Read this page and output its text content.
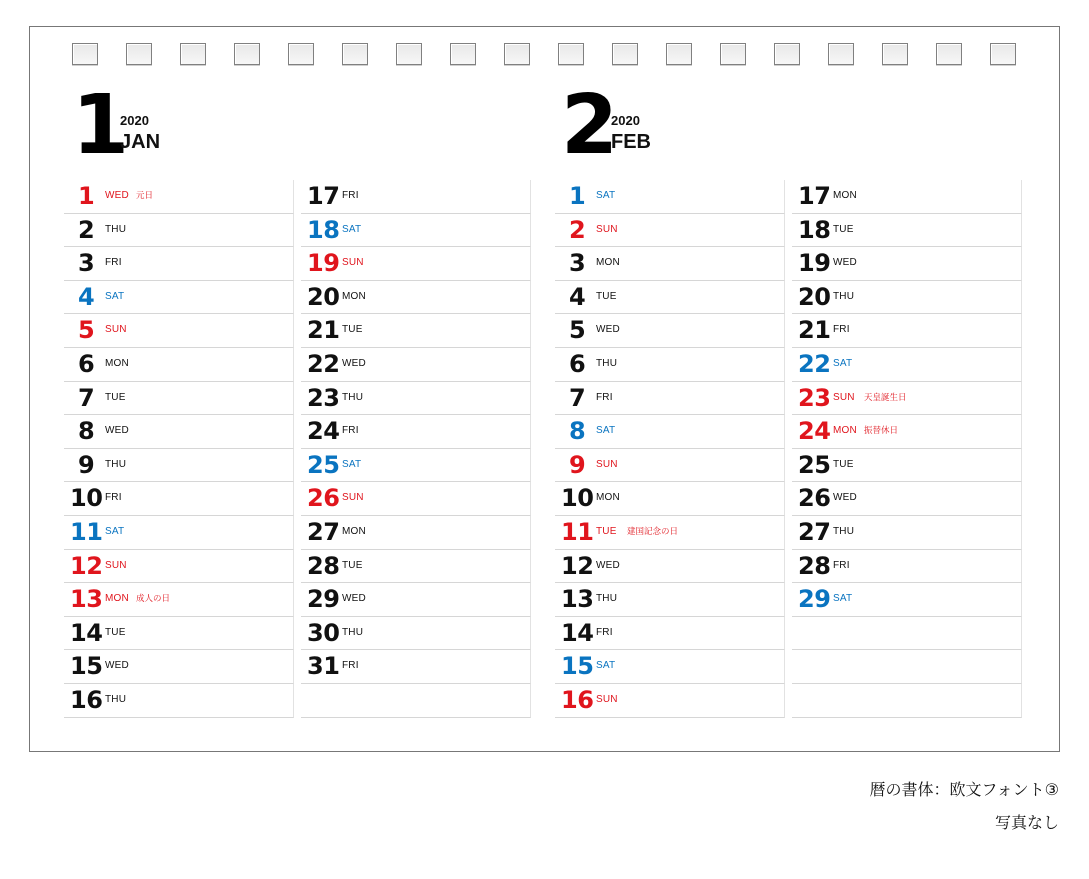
1
2020
JAN	2
2020
FEB
1	WED 元日
2	THU
3	FRI
4	SAT
5	SUN
6	MON
7	TUE
8	WED
9	THU
10 FRI
11 SAT
12 SUN
13 MON 成人の日
14 TUE
15 WED
16 THU
17 FRI
18 SAT
19 SUN
20 MON
21 TUE
22 WED
23 THU
24 FRI
25 SAT
26 SUN
27 MON
28 TUE
29 WED
30 THU
31 FRI
1	SAT
2	SUN
3	MON
4	TUE
5	WED
6	THU
7	FRI
8	SAT
9	SUN
10 MON
11 TUE 建国記念の日
12 WED
13 THU
14 FRI
15 SAT
16 SUN
17 MON
18 TUE
19 WED
20 THU
21 FRI
22 SAT
23 SUN 天皇誕生日
24 MON 振替休日
25 TUE
26 WED
27 THU
28 FRI
29 SAT
暦の書体：欧文フォント③
写真なし
